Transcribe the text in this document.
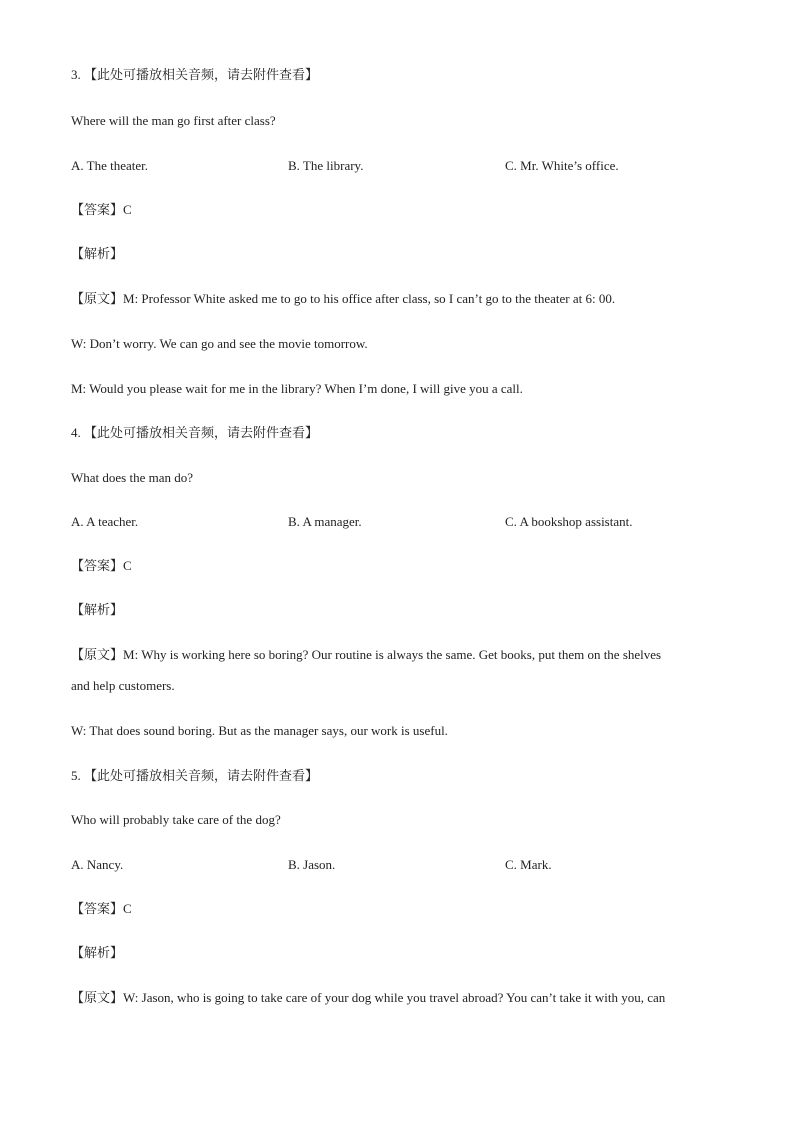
3. 【此处可播放相关音频，请去附件查看】
Where will the man go first after class?
A. The theater.	B. The library.	C. Mr. White’s office.
【答案】C
【解析】
【原文】M: Professor White asked me to go to his office after class, so I can’t go to the theater at 6: 00.
W: Don’t worry. We can go and see the movie tomorrow.
M: Would you please wait for me in the library? When I’m done, I will give you a call.
4. 【此处可播放相关音频，请去附件查看】
What does the man do?
A. A teacher.	B. A manager.	C. A bookshop assistant.
【答案】C
【解析】
【原文】M: Why is working here so boring? Our routine is always the same. Get books, put them on the shelves
and help customers.
W: That does sound boring. But as the manager says, our work is useful.
5. 【此处可播放相关音频，请去附件查看】
Who will probably take care of the dog?
A. Nancy.	B. Jason.	C. Mark.
【答案】C
【解析】
【原文】W: Jason, who is going to take care of your dog while you travel abroad? You can’t take it with you, can
